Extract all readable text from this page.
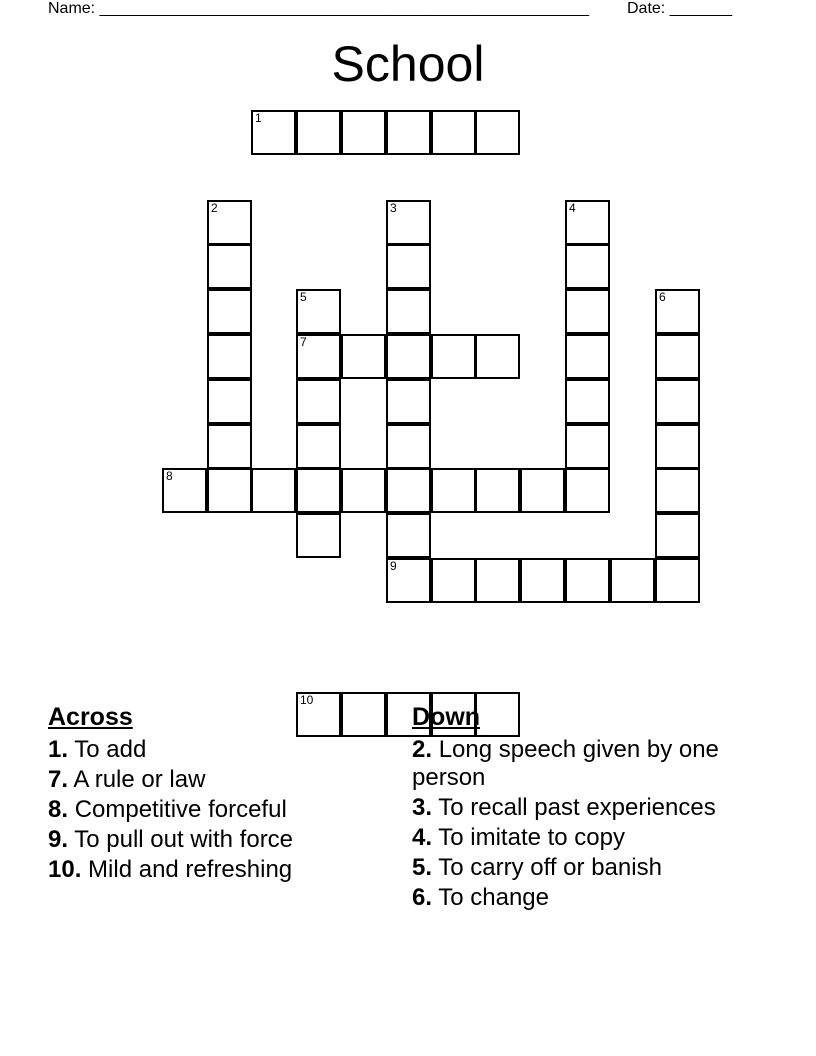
Name: _______________________________________________________ Date: _______
School
1
7
8
9
10
2	3	4
5	6
Across
1. To add
7. A rule or law
8. Competitive forceful
9. To pull out with force
10. Mild and refreshing
Down
2. Long speech given by one person
3. To recall past experiences
4. To imitate to copy
5. To carry off or banish
6. To change
